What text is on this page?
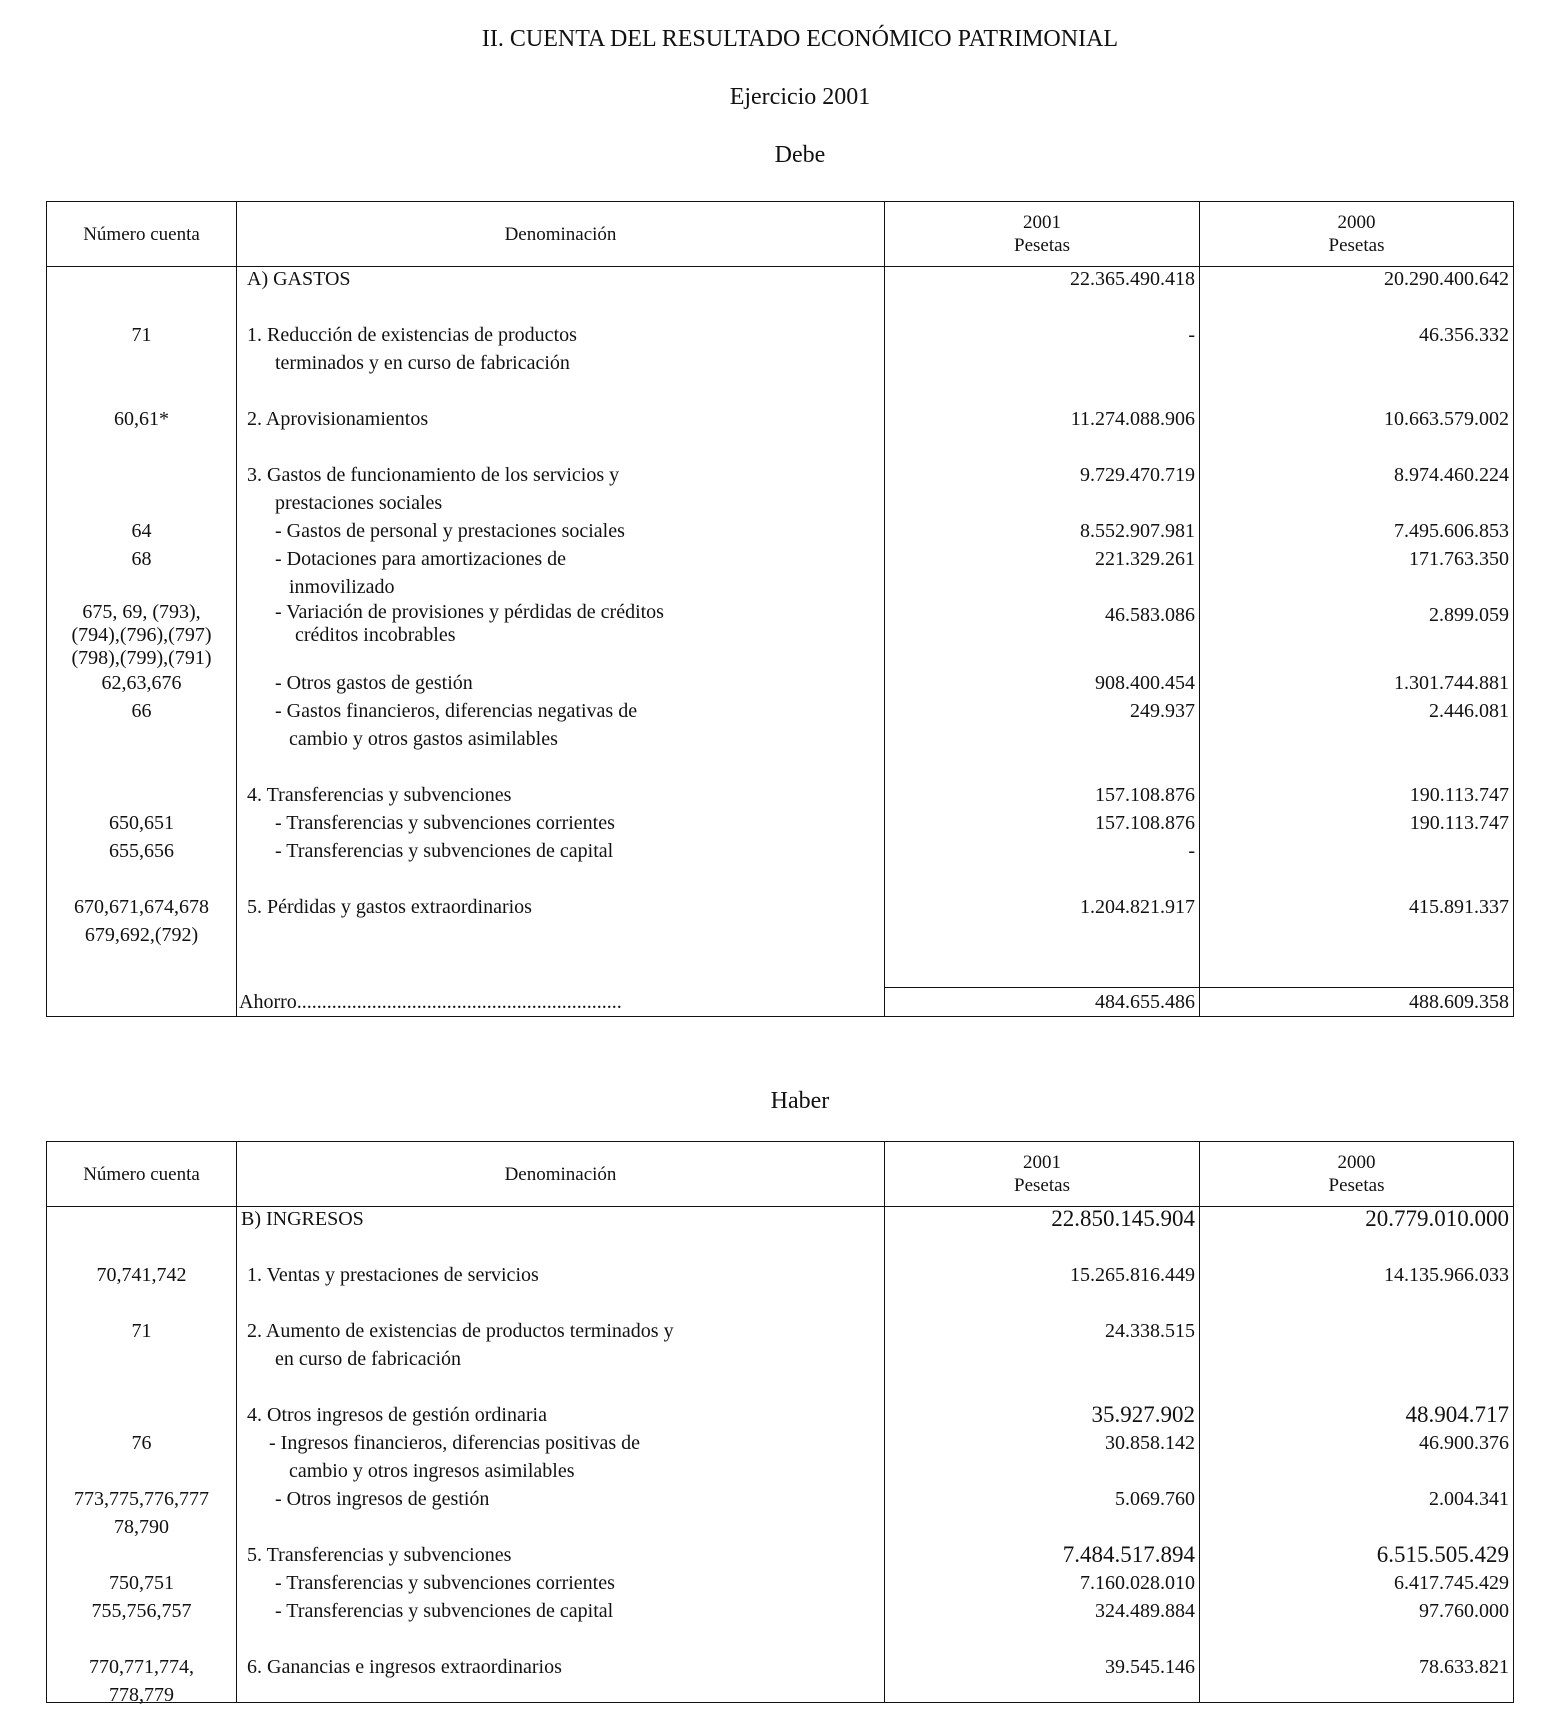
II. CUENTA DEL RESULTADO ECONÓMICO PATRIMONIAL
Ejercicio 2001
Debe
Número cuenta	Denominación
2001
Pesetas
2000
Pesetas
71
60,61*
64
68
675, 69, (793),
(794),(796),(797)
(798),(799),(791)
62,63,676
66
650,651
655,656
670,671,674,678
679,692,(792)
A) GASTOS
1. Reducción de existencias de productos
terminados y en curso de fabricación
2. Aprovisionamientos
3. Gastos de funcionamiento de los servicios y
prestaciones sociales
- Gastos de personal y prestaciones sociales
- Dotaciones para amortizaciones de
inmovilizado
- Variación de provisiones y pérdidas de créditos
créditos incobrables
- Otros gastos de gestión
- Gastos financieros, diferencias negativas de
cambio y otros gastos asimilables
4. Transferencias y subvenciones
- Transferencias y subvenciones corrientes
- Transferencias y subvenciones de capital
5. Pérdidas y gastos extraordinarios
Ahorro.................................................................
22.365.490.418
-
11.274.088.906
9.729.470.719
8.552.907.981
221.329.261
46.583.086
908.400.454
249.937
157.108.876
157.108.876
-
1.204.821.917
484.655.486
20.290.400.642
46.356.332
10.663.579.002
8.974.460.224
7.495.606.853
171.763.350
2.899.059
1.301.744.881
2.446.081
190.113.747
190.113.747
415.891.337
488.609.358
Haber
Número cuenta	Denominación
2001
Pesetas
2000
Pesetas
70,741,742
71
76
773,775,776,777
78,790
750,751
755,756,757
770,771,774,
778,779
B) INGRESOS
1. Ventas y prestaciones de servicios
2. Aumento de existencias de productos terminados y
en curso de fabricación
4. Otros ingresos de gestión ordinaria
- Ingresos financieros, diferencias positivas de
cambio y otros ingresos asimilables
- Otros ingresos de gestión
5. Transferencias y subvenciones
- Transferencias y subvenciones corrientes
- Transferencias y subvenciones de capital
6. Ganancias e ingresos extraordinarios
22.850.145.904
15.265.816.449
24.338.515
35.927.902
30.858.142
5.069.760
7.484.517.894
7.160.028.010
324.489.884
39.545.146
20.779.010.000
14.135.966.033
48.904.717
46.900.376
2.004.341
6.515.505.429
6.417.745.429
97.760.000
78.633.821
